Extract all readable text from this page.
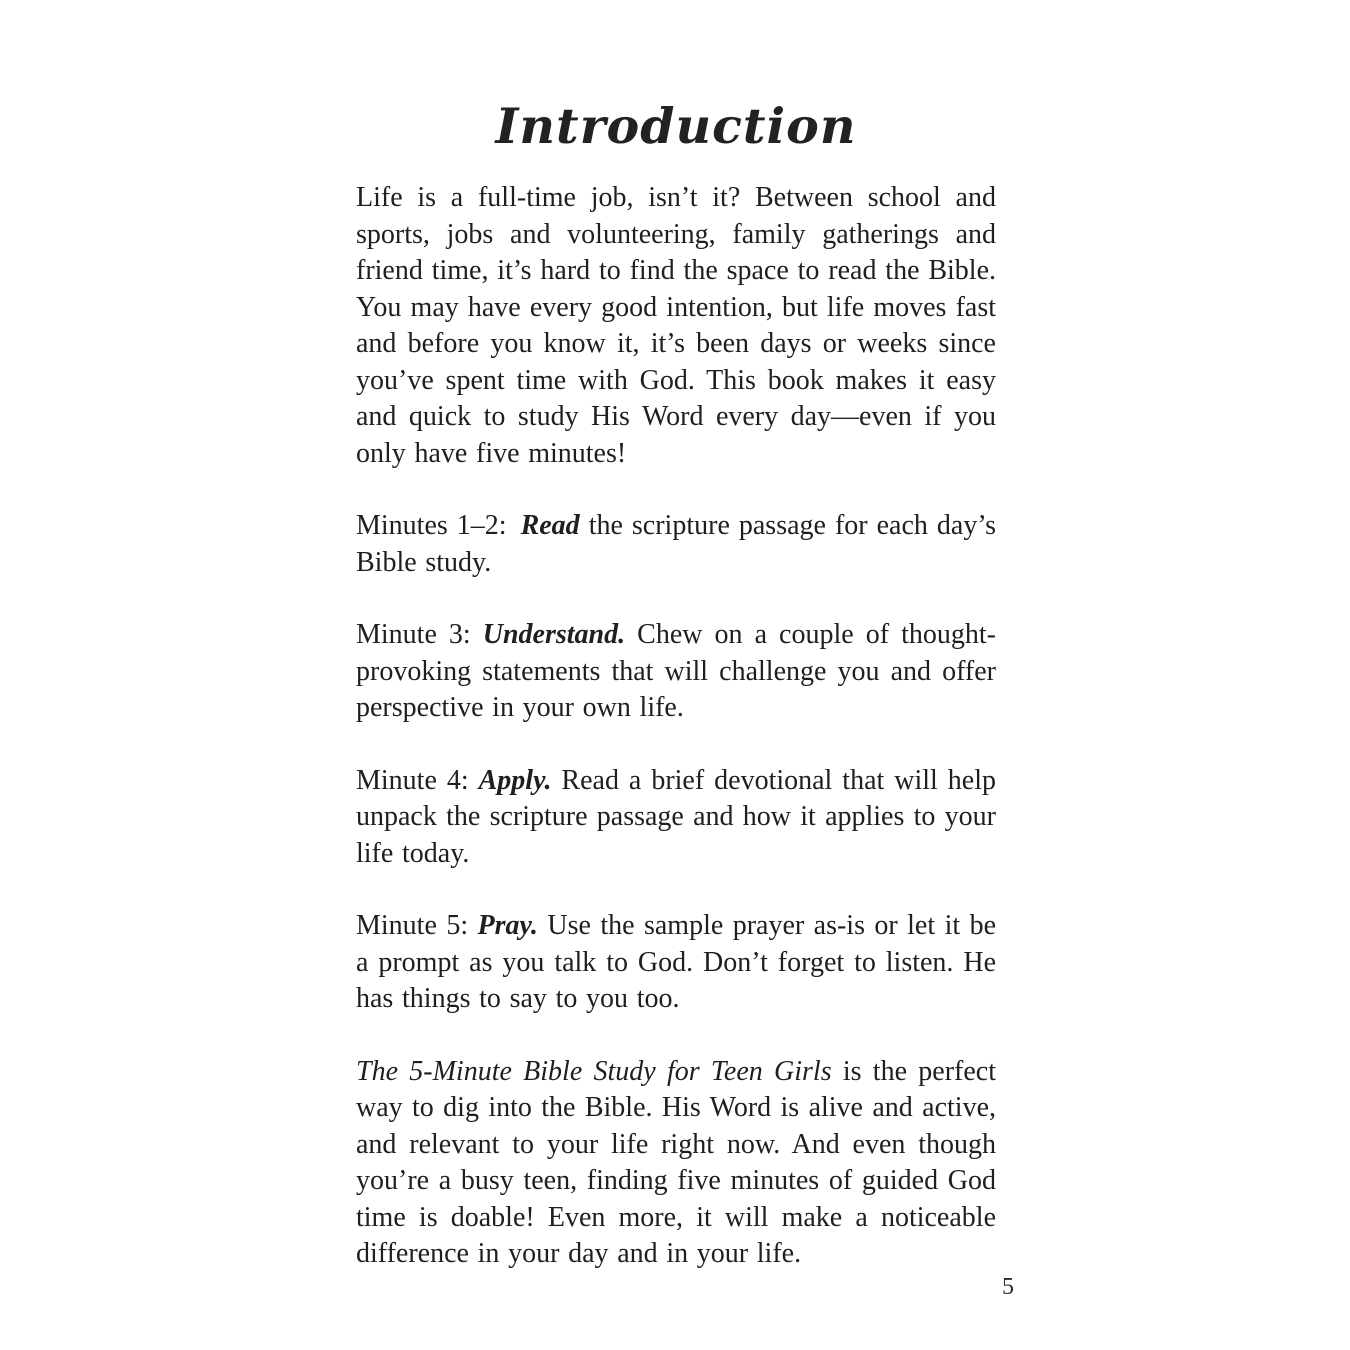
Introduction

Life is a full-time job, isn’t it? Between school and sports, jobs and volunteering, family gatherings and friend time, it’s hard to find the space to read the Bible. You may have every good intention, but life moves fast and before you know it, it’s been days or weeks since you’ve spent time with God. This book makes it easy and quick to study His Word every day—even if you only have five minutes!

Minutes 1–2: Read the scripture passage for each day’s Bible study.

Minute 3: Understand. Chew on a couple of thought-provoking statements that will challenge you and offer perspective in your own life.

Minute 4: Apply. Read a brief devotional that will help unpack the scripture passage and how it applies to your life today.

Minute 5: Pray. Use the sample prayer as-is or let it be a prompt as you talk to God. Don’t forget to listen. He has things to say to you too.

The 5-Minute Bible Study for Teen Girls is the perfect way to dig into the Bible. His Word is alive and active, and relevant to your life right now. And even though you’re a busy teen, finding five minutes of guided God time is doable! Even more, it will make a noticeable difference in your day and in your life.

5
